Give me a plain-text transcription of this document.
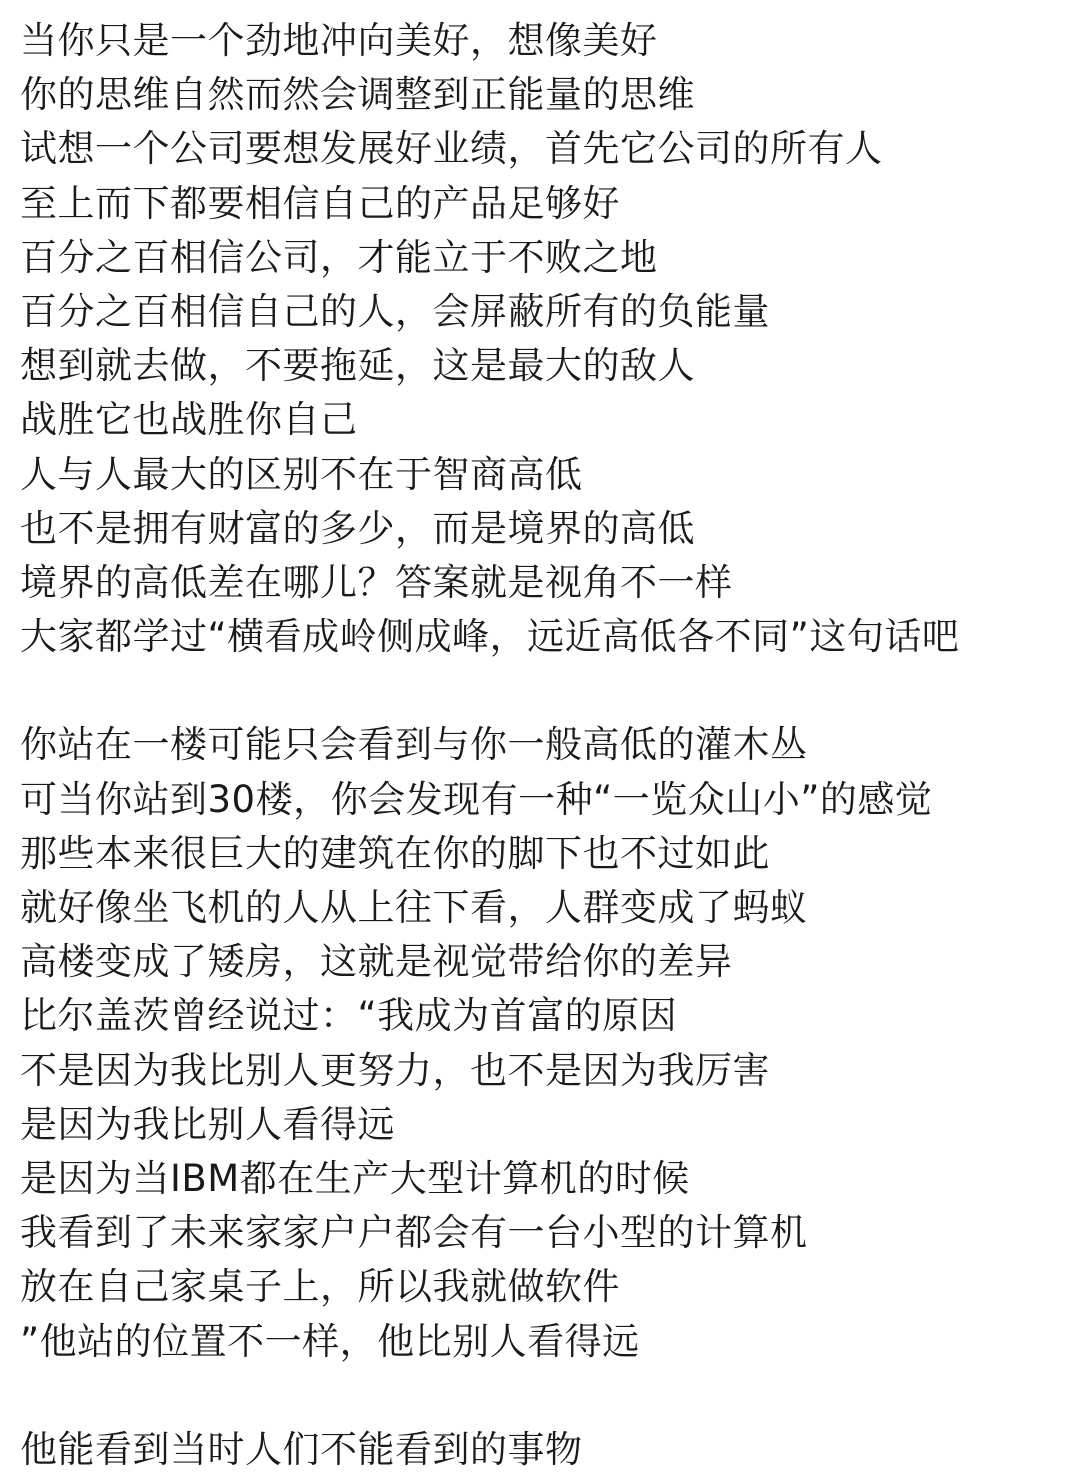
当你只是一个劲地冲向美好，想像美好
你的思维自然而然会调整到正能量的思维
试想一个公司要想发展好业绩，首先它公司的所有人
至上而下都要相信自己的产品足够好
百分之百相信公司，才能立于不败之地
百分之百相信自己的人，会屏蔽所有的负能量
想到就去做，不要拖延，这是最大的敌人
战胜它也战胜你自己
人与人最大的区别不在于智商高低
也不是拥有财富的多少，而是境界的高低
境界的高低差在哪儿？答案就是视角不一样
大家都学过“横看成岭侧成峰，远近高低各不同”这句话吧
你站在一楼可能只会看到与你一般高低的灌木丛
可当你站到30楼，你会发现有一种“一览众山小”的感觉
那些本来很巨大的建筑在你的脚下也不过如此
就好像坐飞机的人从上往下看，人群变成了蚂蚁
高楼变成了矮房，这就是视觉带给你的差异
比尔盖茨曾经说过：“我成为首富的原因
不是因为我比别人更努力，也不是因为我厉害
是因为我比别人看得远
是因为当IBM都在生产大型计算机的时候
我看到了未来家家户户都会有一台小型的计算机
放在自己家桌子上，所以我就做软件
”他站的位置不一样，他比别人看得远
他能看到当时人们不能看到的事物
